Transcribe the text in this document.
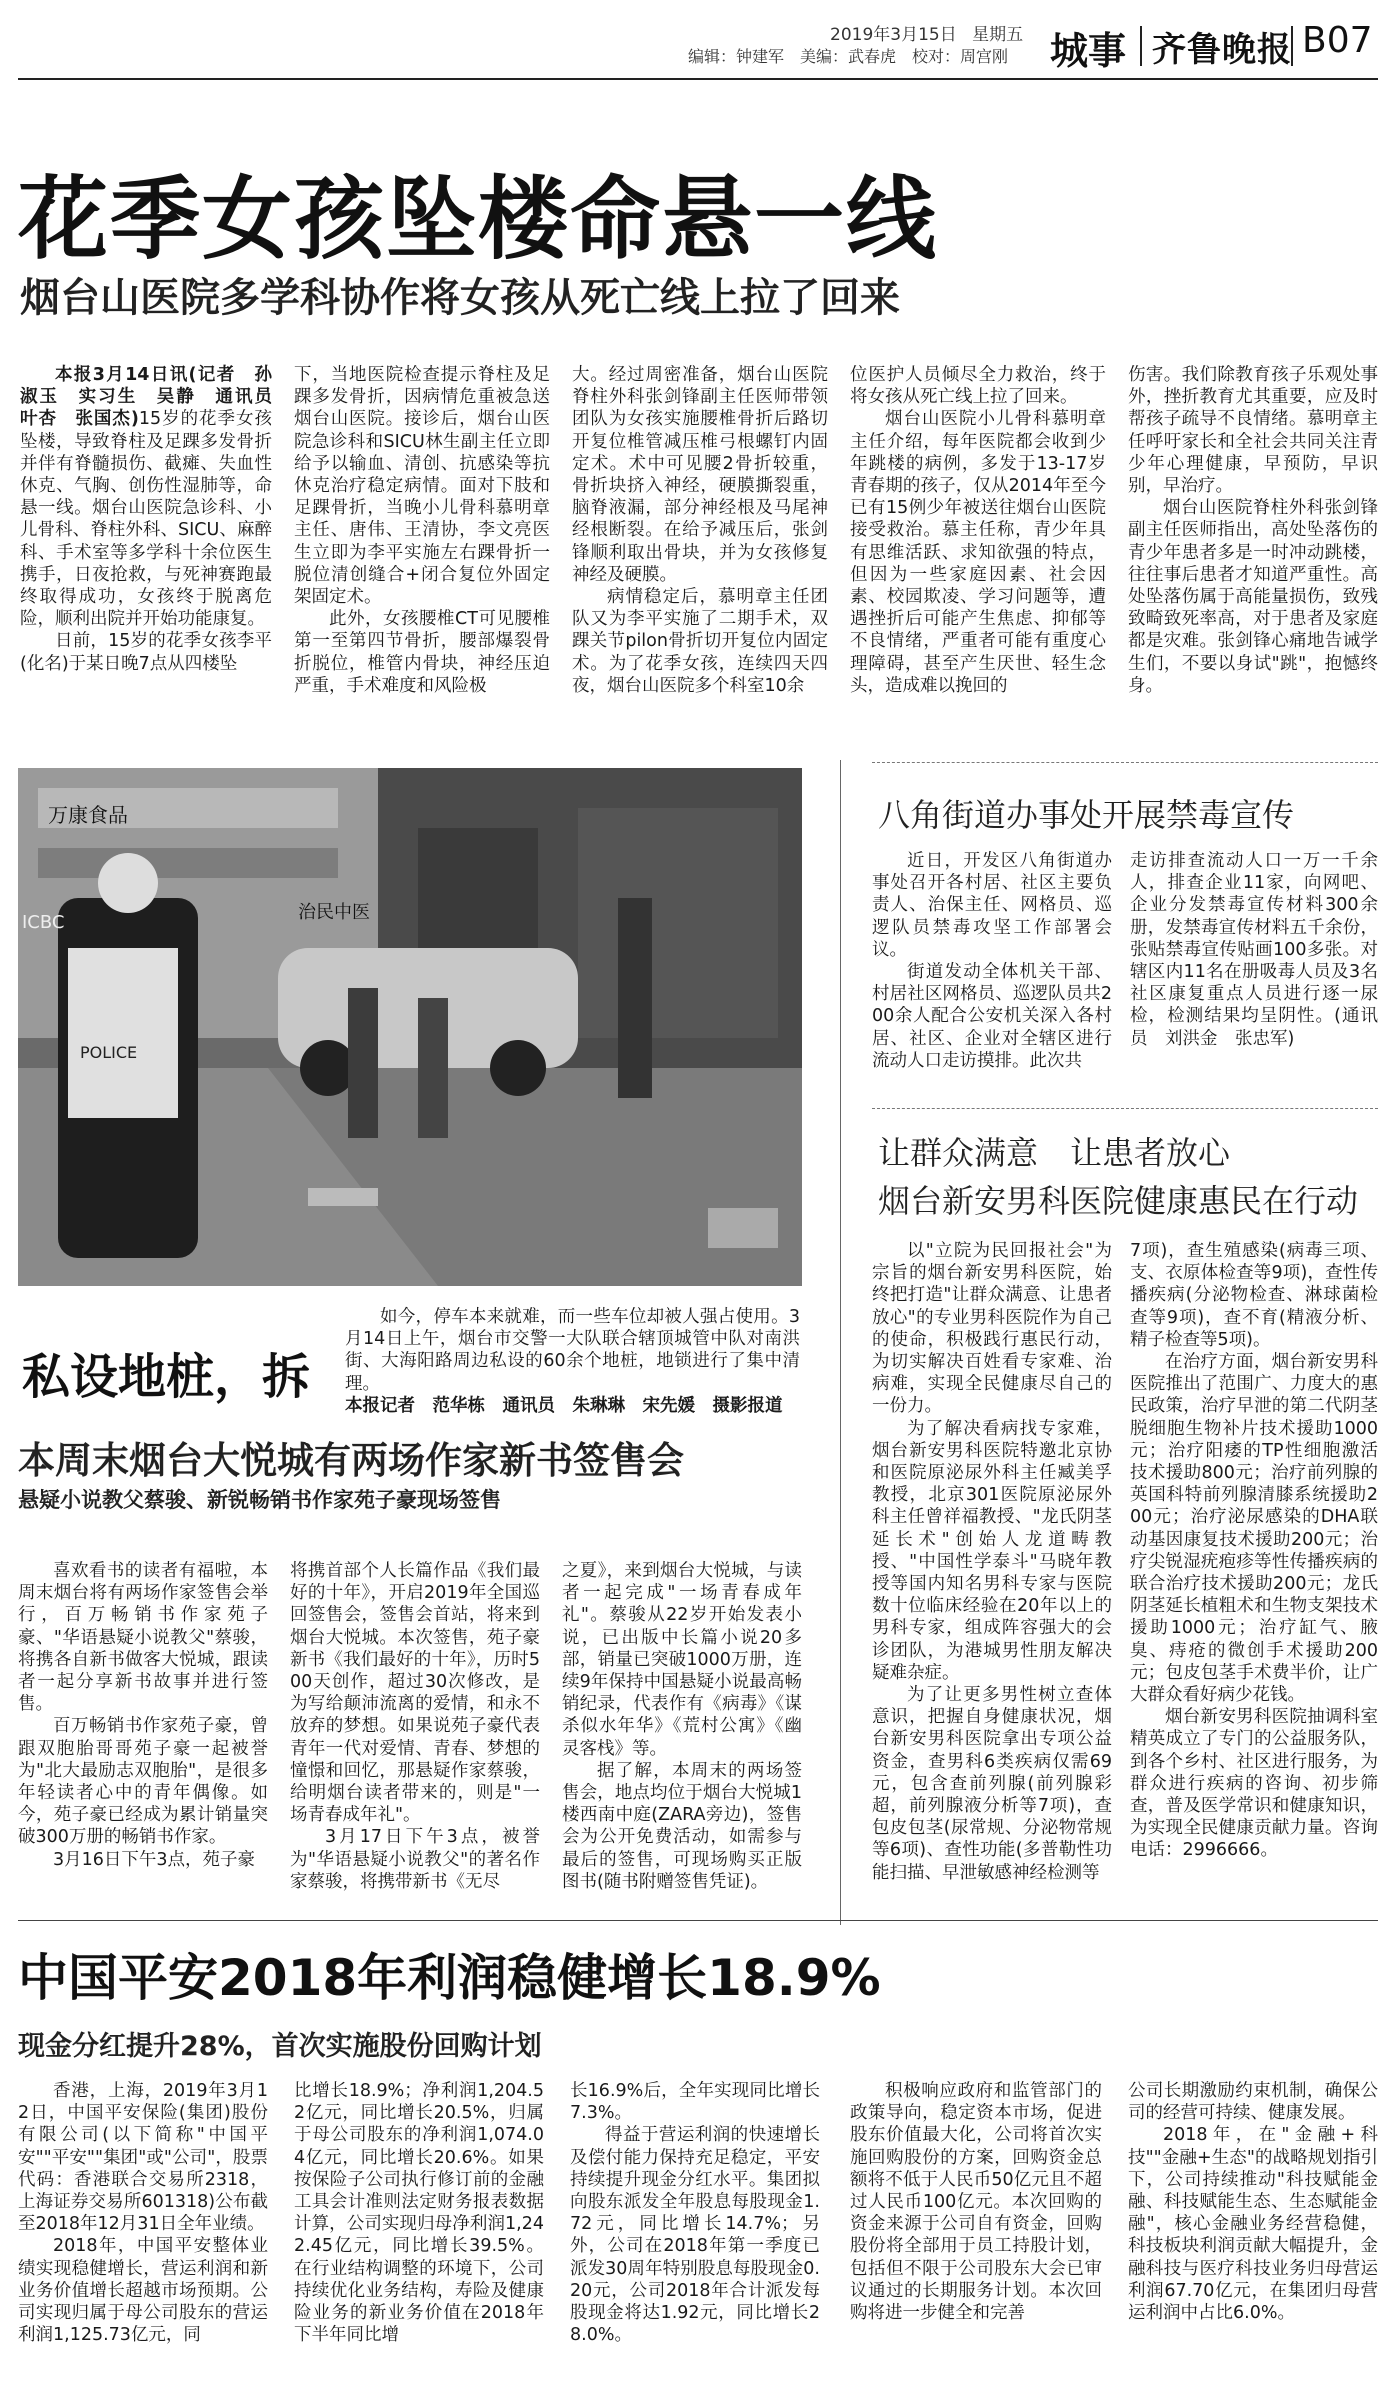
2019年3月15日 星期五
编辑：钟建军　美编：武春虎　校对：周宫刚 城事 齐鲁晚报 B07
花季女孩坠楼命悬一线
烟台山医院多学科协作将女孩从死亡线上拉了回来

本报3月14日讯(记者　孙淑玉　实习生　吴静　通讯员　叶杏　张国杰)15岁的花季女孩坠楼，导致脊柱及足踝多发骨折并伴有脊髓损伤、截瘫、失血性休克、气胸、创伤性湿肺等，命悬一线。烟台山医院急诊科、小儿骨科、脊柱外科、SICU、麻醉科、手术室等多学科十余位医生携手，日夜抢救，与死神赛跑最终取得成功，女孩终于脱离危险，顺利出院并开始功能康复。

日前，15岁的花季女孩李平(化名)于某日晚7点从四楼坠

下，当地医院检查提示脊柱及足踝多发骨折，因病情危重被急送烟台山医院。接诊后，烟台山医院急诊科和SICU林生副主任立即给予以输血、清创、抗感染等抗休克治疗稳定病情。面对下肢和足踝骨折，当晚小儿骨科慕明章主任、唐伟、王清协，李文亮医生立即为李平实施左右踝骨折一脱位清创缝合+闭合复位外固定架固定术。

此外，女孩腰椎CT可见腰椎第一至第四节骨折，腰部爆裂骨折脱位，椎管内骨块，神经压迫严重，手术难度和风险极

大。经过周密准备，烟台山医院脊柱外科张剑锋副主任医师带领团队为女孩实施腰椎骨折后路切开复位椎管减压椎弓根螺钉内固定术。术中可见腰2骨折较重，骨折块挤入神经，硬膜撕裂重，脑脊液漏，部分神经根及马尾神经根断裂。在给予减压后，张剑锋顺利取出骨块，并为女孩修复神经及硬膜。

病情稳定后，慕明章主任团队又为李平实施了二期手术，双踝关节pilon骨折切开复位内固定术。为了花季女孩，连续四天四夜，烟台山医院多个科室10余

位医护人员倾尽全力救治，终于将女孩从死亡线上拉了回来。

烟台山医院小儿骨科慕明章主任介绍，每年医院都会收到少年跳楼的病例，多发于13-17岁青春期的孩子，仅从2014年至今已有15例少年被送往烟台山医院接受救治。慕主任称，青少年具有思维活跃、求知欲强的特点，但因为一些家庭因素、社会因素、校园欺凌、学习问题等，遭遇挫折后可能产生焦虑、抑郁等不良情绪，严重者可能有重度心理障碍，甚至产生厌世、轻生念头，造成难以挽回的

伤害。我们除教育孩子乐观处事外，挫折教育尤其重要，应及时帮孩子疏导不良情绪。慕明章主任呼吁家长和全社会共同关注青少年心理健康，早预防，早识别，早治疗。

烟台山医院脊柱外科张剑锋副主任医师指出，高处坠落伤的青少年患者多是一时冲动跳楼，往往事后患者才知道严重性。高处坠落伤属于高能量损伤，致残致畸致死率高，对于患者及家庭都是灾难。张剑锋心痛地告诫学生们，不要以身试"跳"，抱憾终身。

万康食品
治民中医
ICBC
POLICE
私设地桩，拆

如今，停车本来就难，而一些车位却被人强占使用。3月14日上午，烟台市交警一大队联合辖顶城管中队对南洪街、大海阳路周边私设的60余个地桩，地锁进行了集中清理。

本报记者　范华栋　通讯员　朱琳琳　宋先媛　摄影报道

八角街道办事处开展禁毒宣传

近日，开发区八角街道办事处召开各村居、社区主要负责人、治保主任、网格员、巡逻队员禁毒攻坚工作部署会议。

街道发动全体机关干部、村居社区网格员、巡逻队员共200余人配合公安机关深入各村居、社区、企业对全辖区进行流动人口走访摸排。此次共

走访排查流动人口一万一千余人，排查企业11家，向网吧、企业分发禁毒宣传材料300余册，发禁毒宣传材料五千余份，张贴禁毒宣传贴画100多张。对辖区内11名在册吸毒人员及3名社区康复重点人员进行逐一尿检，检测结果均呈阴性。(通讯员　刘洪金　张忠军)

让群众满意　让患者放心
烟台新安男科医院健康惠民在行动

以"立院为民回报社会"为宗旨的烟台新安男科医院，始终把打造"让群众满意、让患者放心"的专业男科医院作为自己的使命，积极践行惠民行动，为切实解决百姓看专家难、治病难，实现全民健康尽自己的一份力。

为了解决看病找专家难，烟台新安男科医院特邀北京协和医院原泌尿外科主任臧美孚教授，北京301医院原泌尿外科主任曾祥福教授、"龙氏阴茎延长术"创始人龙道畴教授、"中国性学泰斗"马晓年教授等国内知名男科专家与医院数十位临床经验在20年以上的男科专家，组成阵容强大的会诊团队，为港城男性朋友解决疑难杂症。

为了让更多男性树立查体意识，把握自身健康状况，烟台新安男科医院拿出专项公益资金，查男科6类疾病仅需69元，包含查前列腺(前列腺彩超，前列腺液分析等7项)，查包皮包茎(尿常规、分泌物常规等6项)、查性功能(多普勒性功能扫描、早泄敏感神经检测等

7项)，查生殖感染(病毒三项、支、衣原体检查等9项)，查性传播疾病(分泌物检查、淋球菌检查等9项)，查不育(精液分析、精子检查等5项)。

在治疗方面，烟台新安男科医院推出了范围广、力度大的惠民政策，治疗早泄的第二代阴茎脱细胞生物补片技术援助1000元；治疗阳痿的TP性细胞激活技术援助800元；治疗前列腺的英国科特前列腺清膝系统援助200元；治疗泌尿感染的DHA联动基因康复技术援助200元；治疗尖锐湿疣疱疹等性传播疾病的联合治疗技术援助200元；龙氏阴茎延长植粗术和生物支架技术援助1000元；治疗缸气、腋臭、痔疮的微创手术援助200元；包皮包茎手术费半价，让广大群众看好病少花钱。

烟台新安男科医院抽调科室精英成立了专门的公益服务队，到各个乡村、社区进行服务，为群众进行疾病的咨询、初步筛查，普及医学常识和健康知识，为实现全民健康贡献力量。咨询电话：2996666。

本周末烟台大悦城有两场作家新书签售会
悬疑小说教父蔡骏、新锐畅销书作家苑子豪现场签售

喜欢看书的读者有福啦，本周末烟台将有两场作家签售会举行，百万畅销书作家苑子豪、"华语悬疑小说教父"蔡骏，将携各自新书做客大悦城，跟读者一起分享新书故事并进行签售。

百万畅销书作家苑子豪，曾跟双胞胎哥哥苑子豪一起被誉为"北大最励志双胞胎"，是很多年轻读者心中的青年偶像。如今，苑子豪已经成为累计销量突破300万册的畅销书作家。

3月16日下午3点，苑子豪

将携首部个人长篇作品《我们最好的十年》，开启2019年全国巡回签售会，签售会首站，将来到烟台大悦城。本次签售，苑子豪新书《我们最好的十年》，历时500天创作，超过30次修改，是为写给颠沛流离的爱情，和永不放弃的梦想。如果说苑子豪代表青年一代对爱情、青春、梦想的憧憬和回忆，那悬疑作家蔡骏，给明烟台读者带来的，则是"一场青春成年礼"。

3月17日下午3点，被誉为"华语悬疑小说教父"的著名作家蔡骏，将携带新书《无尽

之夏》，来到烟台大悦城，与读者一起完成"一场青春成年礼"。蔡骏从22岁开始发表小说，已出版中长篇小说20多部，销量已突破1000万册，连续9年保持中国悬疑小说最高畅销纪录，代表作有《病毒》《谋杀似水年华》《荒村公寓》《幽灵客栈》等。

据了解，本周末的两场签售会，地点均位于烟台大悦城1楼西南中庭(ZARA旁边)，签售会为公开免费活动，如需参与最后的签售，可现场购买正版图书(随书附赠签售凭证)。

中国平安2018年利润稳健增长18.9%
现金分红提升28%，首次实施股份回购计划

香港，上海，2019年3月12日，中国平安保险(集团)股份有限公司(以下简称"中国平安""平安""集团"或"公司"，股票代码：香港联合交易所2318，上海证券交易所601318)公布截至2018年12月31日全年业绩。

2018年，中国平安整体业绩实现稳健增长，营运利润和新业务价值增长超越市场预期。公司实现归属于母公司股东的营运利润1,125.73亿元，同

比增长18.9%；净利润1,204.52亿元，同比增长20.5%，归属于母公司股东的净利润1,074.04亿元，同比增长20.6%。如果按保险子公司执行修订前的金融工具会计准则法定财务报表数据计算，公司实现归母净利润1,242.45亿元，同比增长39.5%。在行业结构调整的环境下，公司持续优化业务结构，寿险及健康险业务的新业务价值在2018年下半年同比增

长16.9%后，全年实现同比增长7.3%。

得益于营运利润的快速增长及偿付能力保持充足稳定，平安持续提升现金分红水平。集团拟向股东派发全年股息每股现金1.72元，同比增长14.7%；另外，公司在2018年第一季度已派发30周年特别股息每股现金0.20元，公司2018年合计派发每股现金将达1.92元，同比增长28.0%。

积极响应政府和监管部门的政策导向，稳定资本市场，促进股东价值最大化，公司将首次实施回购股份的方案，回购资金总额将不低于人民币50亿元且不超过人民币100亿元。本次回购的资金来源于公司自有资金，回购股份将全部用于员工持股计划，包括但不限于公司股东大会已审议通过的长期服务计划。本次回购将进一步健全和完善

公司长期激励约束机制，确保公司的经营可持续、健康发展。

2018年，在"金融+科技""金融+生态"的战略规划指引下，公司持续推动"科技赋能金融、科技赋能生态、生态赋能金融"，核心金融业务经营稳健，科技板块利润贡献大幅提升，金融科技与医疗科技业务归母营运利润67.70亿元，在集团归母营运利润中占比6.0%。
